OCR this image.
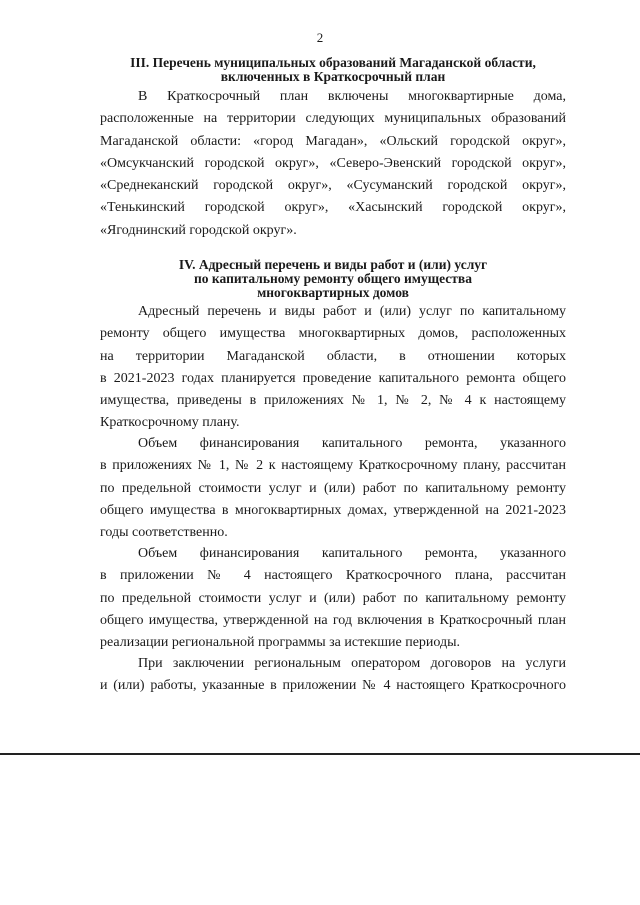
2
III. Перечень муниципальных образований Магаданской области,
включенных в Краткосрочный план
В Краткосрочный план включены многоквартирные дома,
расположенные на территории следующих муниципальных образований
Магаданской области: «город Магадан», «Ольский городской округ»,
«Омсукчанский городской округ», «Северо-Эвенский городской округ»,
«Среднеканский городской округ», «Сусуманский городской округ»,
«Тенькинский городской округ», «Хасынский городской округ»,
«Ягоднинский городской округ».
IV. Адресный перечень и виды работ и (или) услуг
по капитальному ремонту общего имущества
многоквартирных домов
Адресный перечень и виды работ и (или) услуг по капитальному
ремонту общего имущества многоквартирных домов, расположенных
на территории Магаданской области, в отношении которых
в 2021-2023 годах планируется проведение капитального ремонта общего
имущества, приведены в приложениях № 1, № 2, № 4 к настоящему
Краткосрочному плану.
Объем финансирования капитального ремонта, указанного
в приложениях № 1, № 2 к настоящему Краткосрочному плану, рассчитан
по предельной стоимости услуг и (или) работ по капитальному ремонту
общего имущества в многоквартирных домах, утвержденной на 2021-2023
годы соответственно.
Объем финансирования капитального ремонта, указанного
в приложении № 4 настоящего Краткосрочного плана, рассчитан
по предельной стоимости услуг и (или) работ по капитальному ремонту
общего имущества, утвержденной на год включения в Краткосрочный план
реализации региональной программы за истекшие периоды.
При заключении региональным оператором договоров на услуги
и (или) работы, указанные в приложении № 4 настоящего Краткосрочного
